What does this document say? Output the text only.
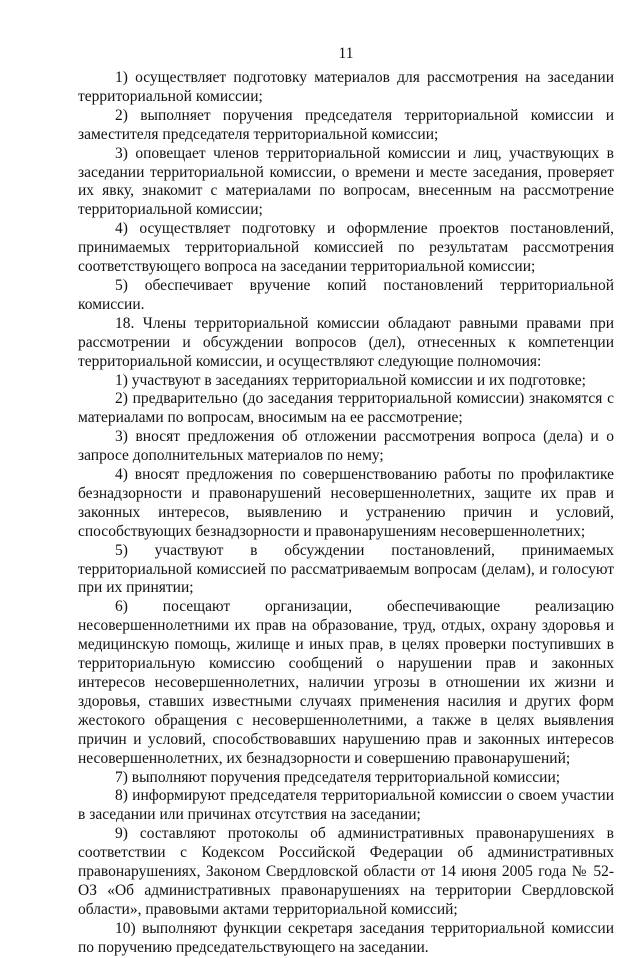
11

1) осуществляет подготовку материалов для рассмотрения на заседании территориальной комиссии;

2) выполняет поручения председателя территориальной комиссии и заместителя председателя территориальной комиссии;

3) оповещает членов территориальной комиссии и лиц, участвующих в заседании территориальной комиссии, о времени и месте заседания, проверяет их явку, знакомит с материалами по вопросам, внесенным на рассмотрение территориальной комиссии;

4) осуществляет подготовку и оформление проектов постановлений, принимаемых территориальной комиссией по результатам рассмотрения соответствующего вопроса на заседании территориальной комиссии;

5) обеспечивает вручение копий постановлений территориальной комиссии.

18. Члены территориальной комиссии обладают равными правами при рассмотрении и обсуждении вопросов (дел), отнесенных к компетенции территориальной комиссии, и осуществляют следующие полномочия:

1) участвуют в заседаниях территориальной комиссии и их подготовке;

2) предварительно (до заседания территориальной комиссии) знакомятся с материалами по вопросам, вносимым на ее рассмотрение;

3) вносят предложения об отложении рассмотрения вопроса (дела) и о запросе дополнительных материалов по нему;

4) вносят предложения по совершенствованию работы по профилактике безнадзорности и правонарушений несовершеннолетних, защите их прав и законных интересов, выявлению и устранению причин и условий, способствующих безнадзорности и правонарушениям несовершеннолетних;

5) участвуют в обсуждении постановлений, принимаемых территориальной комиссией по рассматриваемым вопросам (делам), и голосуют при их принятии;

6) посещают организации, обеспечивающие реализацию несовершеннолетними их прав на образование, труд, отдых, охрану здоровья и медицинскую помощь, жилище и иных прав, в целях проверки поступивших в территориальную комиссию сообщений о нарушении прав и законных интересов несовершеннолетних, наличии угрозы в отношении их жизни и здоровья, ставших известными случаях применения насилия и других форм жестокого обращения с несовершеннолетними, а также в целях выявления причин и условий, способствовавших нарушению прав и законных интересов несовершеннолетних, их безнадзорности и совершению правонарушений;

7) выполняют поручения председателя территориальной комиссии;

8) информируют председателя территориальной комиссии о своем участии в заседании или причинах отсутствия на заседании;

9) составляют протоколы об административных правонарушениях в соответствии с Кодексом Российской Федерации об административных правонарушениях, Законом Свердловской области от 14 июня 2005 года № 52-ОЗ «Об административных правонарушениях на территории Свердловской области», правовыми актами территориальной комиссий;

10) выполняют функции секретаря заседания территориальной комиссии по поручению председательствующего на заседании.
